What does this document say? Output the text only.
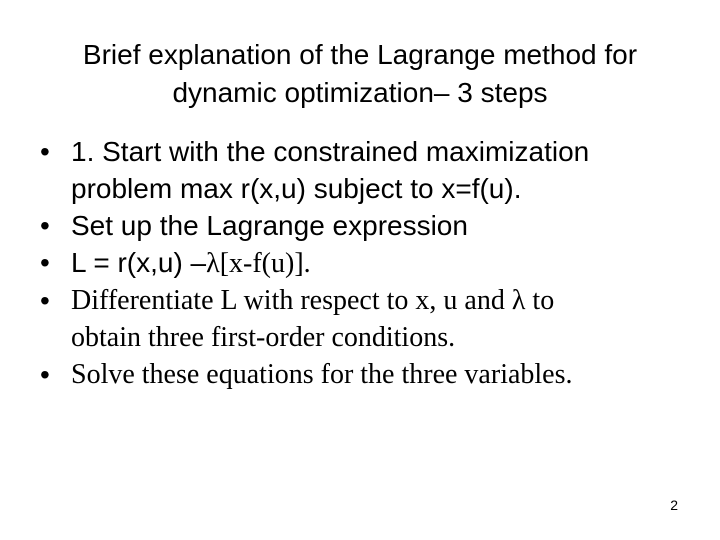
Brief explanation of the Lagrange method for
dynamic optimization– 3 steps
• 1. Start with the constrained maximization
problem max r(x,u) subject to x=f(u).
• Set up the Lagrange expression
• L = r(x,u) –λ[x-f(u)].
• Differentiate L with respect to x, u and λ to
obtain three first-order conditions.
• Solve these equations for the three variables.
2
